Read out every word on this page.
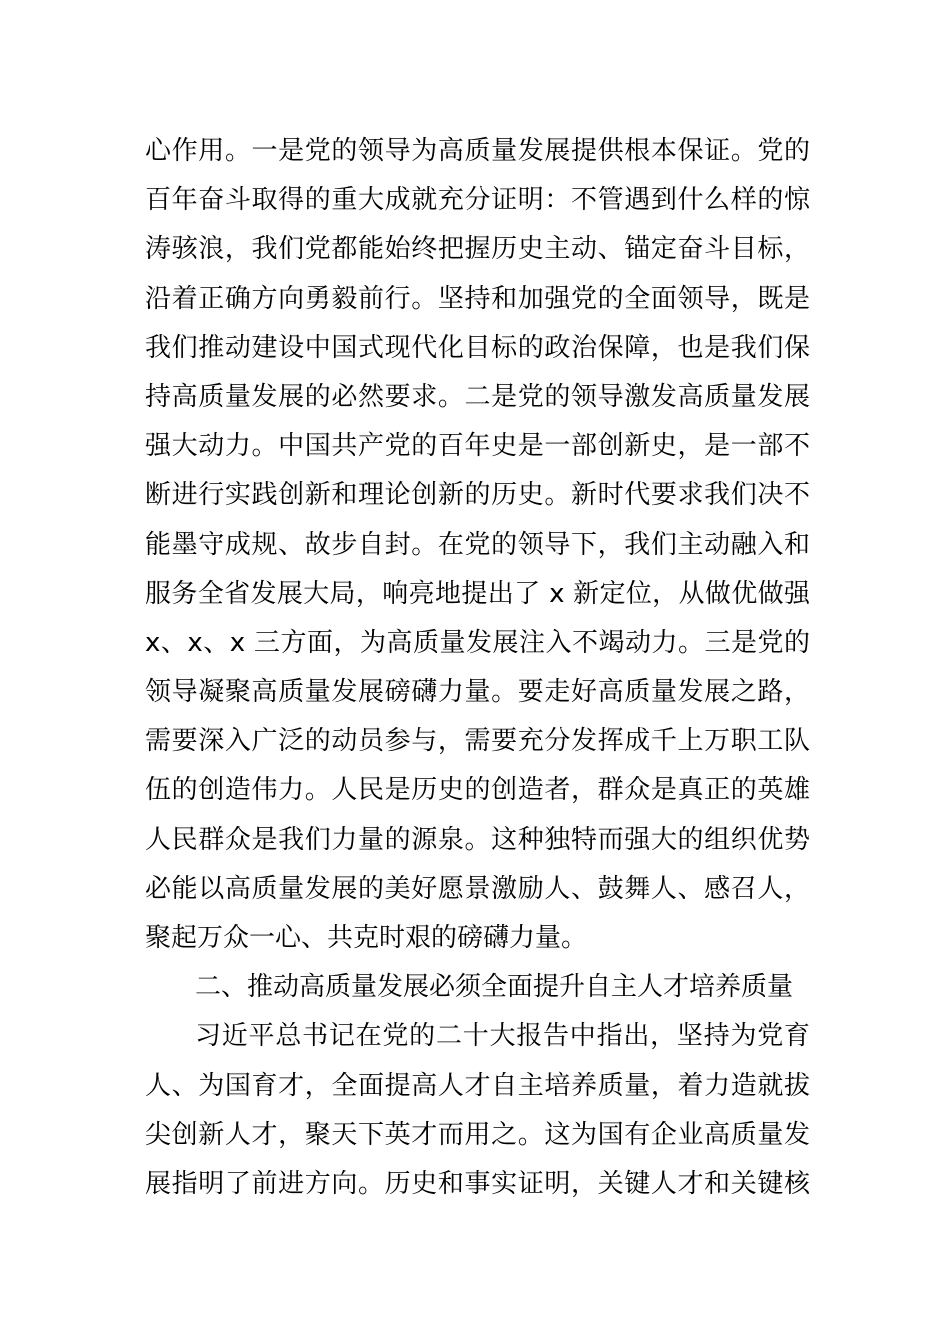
心作用。一是党的领导为高质量发展提供根本保证。党的
百年奋斗取得的重大成就充分证明：不管遇到什么样的惊
涛骇浪，我们党都能始终把握历史主动、锚定奋斗目标，
沿着正确方向勇毅前行。坚持和加强党的全面领导，既是
我们推动建设中国式现代化目标的政治保障，也是我们保
持高质量发展的必然要求。二是党的领导激发高质量发展
强大动力。中国共产党的百年史是一部创新史，是一部不
断进行实践创新和理论创新的历史。新时代要求我们决不
能墨守成规、故步自封。在党的领导下，我们主动融入和
服务全省发展大局，响亮地提出了 x 新定位，从做优做强
x、x、x 三方面，为高质量发展注入不竭动力。三是党的
领导凝聚高质量发展磅礴力量。要走好高质量发展之路，
需要深入广泛的动员参与，需要充分发挥成千上万职工队
伍的创造伟力。人民是历史的创造者，群众是真正的英雄
人民群众是我们力量的源泉。这种独特而强大的组织优势
必能以高质量发展的美好愿景激励人、鼓舞人、感召人，
聚起万众一心、共克时艰的磅礴力量。
二、推动高质量发展必须全面提升自主人才培养质量
习近平总书记在党的二十大报告中指出，坚持为党育
人、为国育才，全面提高人才自主培养质量，着力造就拔
尖创新人才，聚天下英才而用之。这为国有企业高质量发
展指明了前进方向。历史和事实证明，关键人才和关键核
